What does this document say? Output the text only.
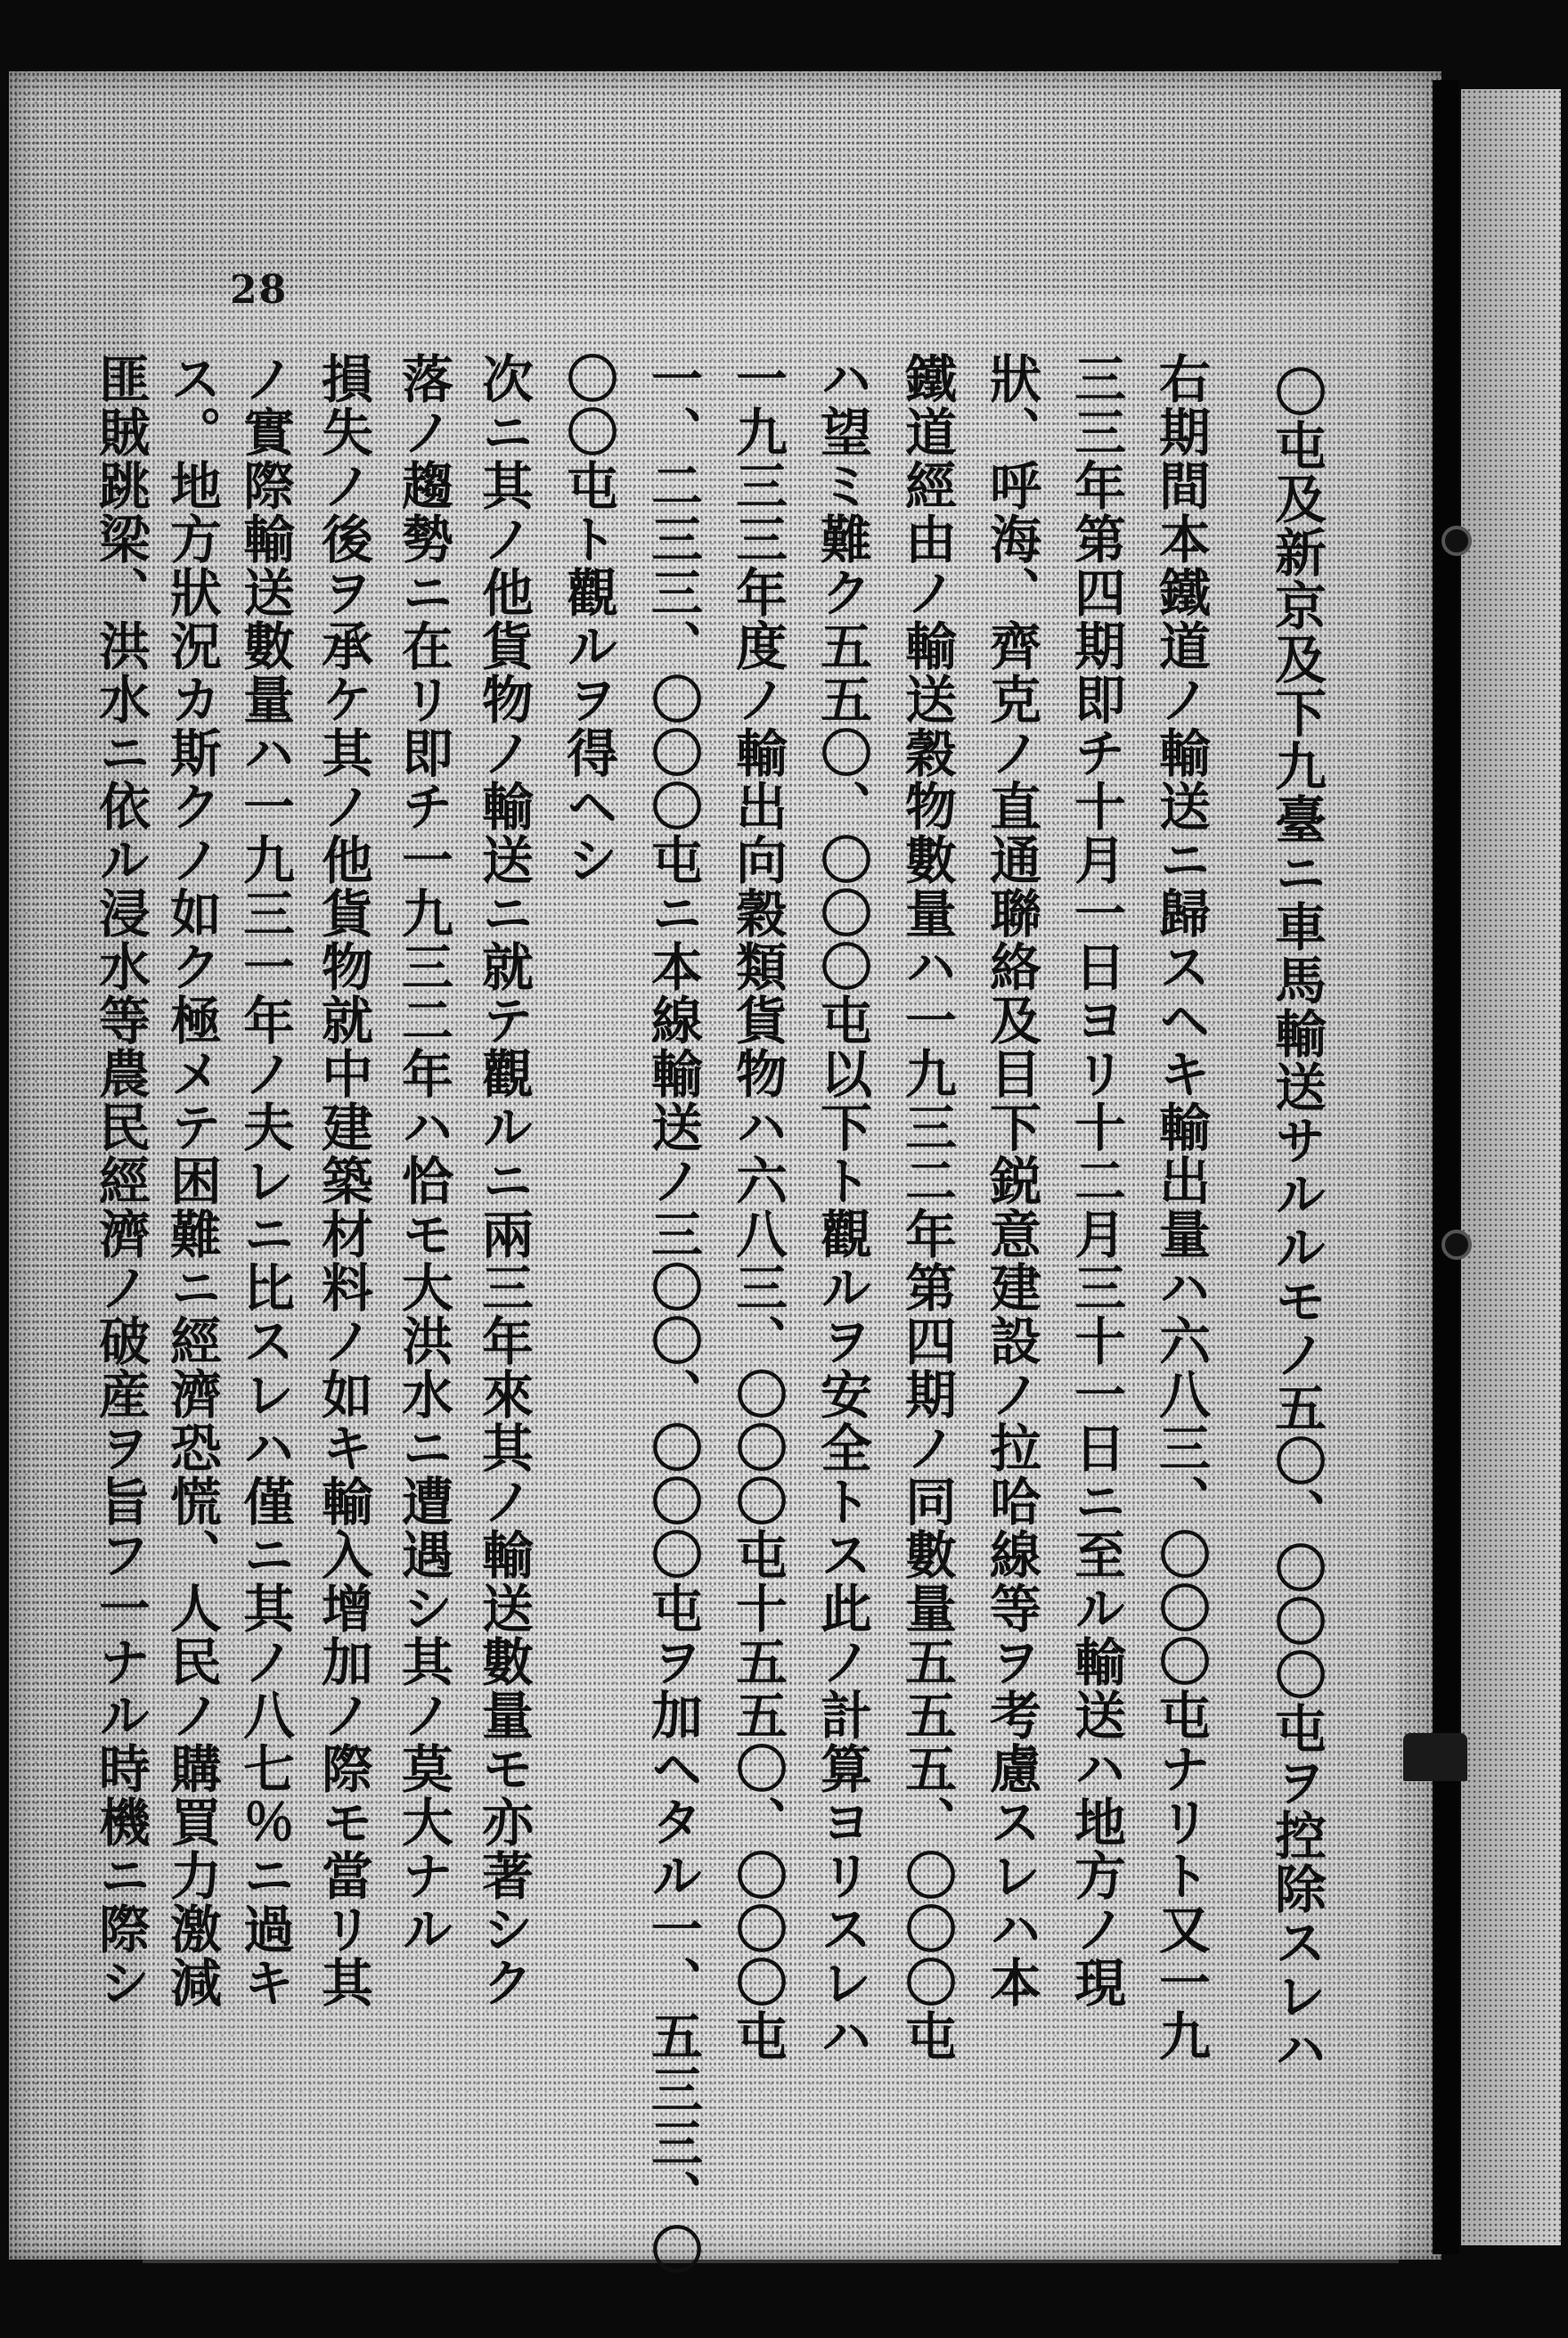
28
〇屯及新京及下九臺ニ車馬輸送サルルモノ五〇、〇〇〇屯ヲ控除スレハ
右期間本鐵道ノ輸送ニ歸スヘキ輸出量ハ六八三、〇〇〇屯ナリト又一九
三三年第四期即チ十月一日ヨリ十二月三十一日ニ至ル輸送ハ地方ノ現
狀、呼海、齊克ノ直通聯絡及目下鋭意建設ノ拉哈線等ヲ考慮スレハ本
鐵道經由ノ輸送穀物數量ハ一九三二年第四期ノ同數量五五五、〇〇〇屯
ハ望ミ難ク五五〇、〇〇〇屯以下ト觀ルヲ安全トス此ノ計算ヨリスレハ
一九三三年度ノ輸出向穀類貨物ハ六八三、〇〇〇屯十五五〇、〇〇〇屯
一、二三三、〇〇〇屯ニ本線輸送ノ三〇〇、〇〇〇屯ヲ加ヘタル一、五三三、〇
〇〇屯ト觀ルヲ得ヘシ
次ニ其ノ他貨物ノ輸送ニ就テ觀ルニ兩三年來其ノ輸送數量モ亦著シク
落ノ趨勢ニ在リ即チ一九三二年ハ恰モ大洪水ニ遭遇シ其ノ莫大ナル
損失ノ後ヲ承ケ其ノ他貨物就中建築材料ノ如キ輸入增加ノ際モ當リ其
ノ實際輸送數量ハ一九三一年ノ夫レニ比スレハ僅ニ其ノ八七％ニ過キ
ス。地方狀況カ斯クノ如ク極メテ困難ニ經濟恐慌、人民ノ購買力激減
匪賊跳梁、洪水ニ依ル浸水等農民經濟ノ破産ヲ旨フ一ナル時機ニ際シ
